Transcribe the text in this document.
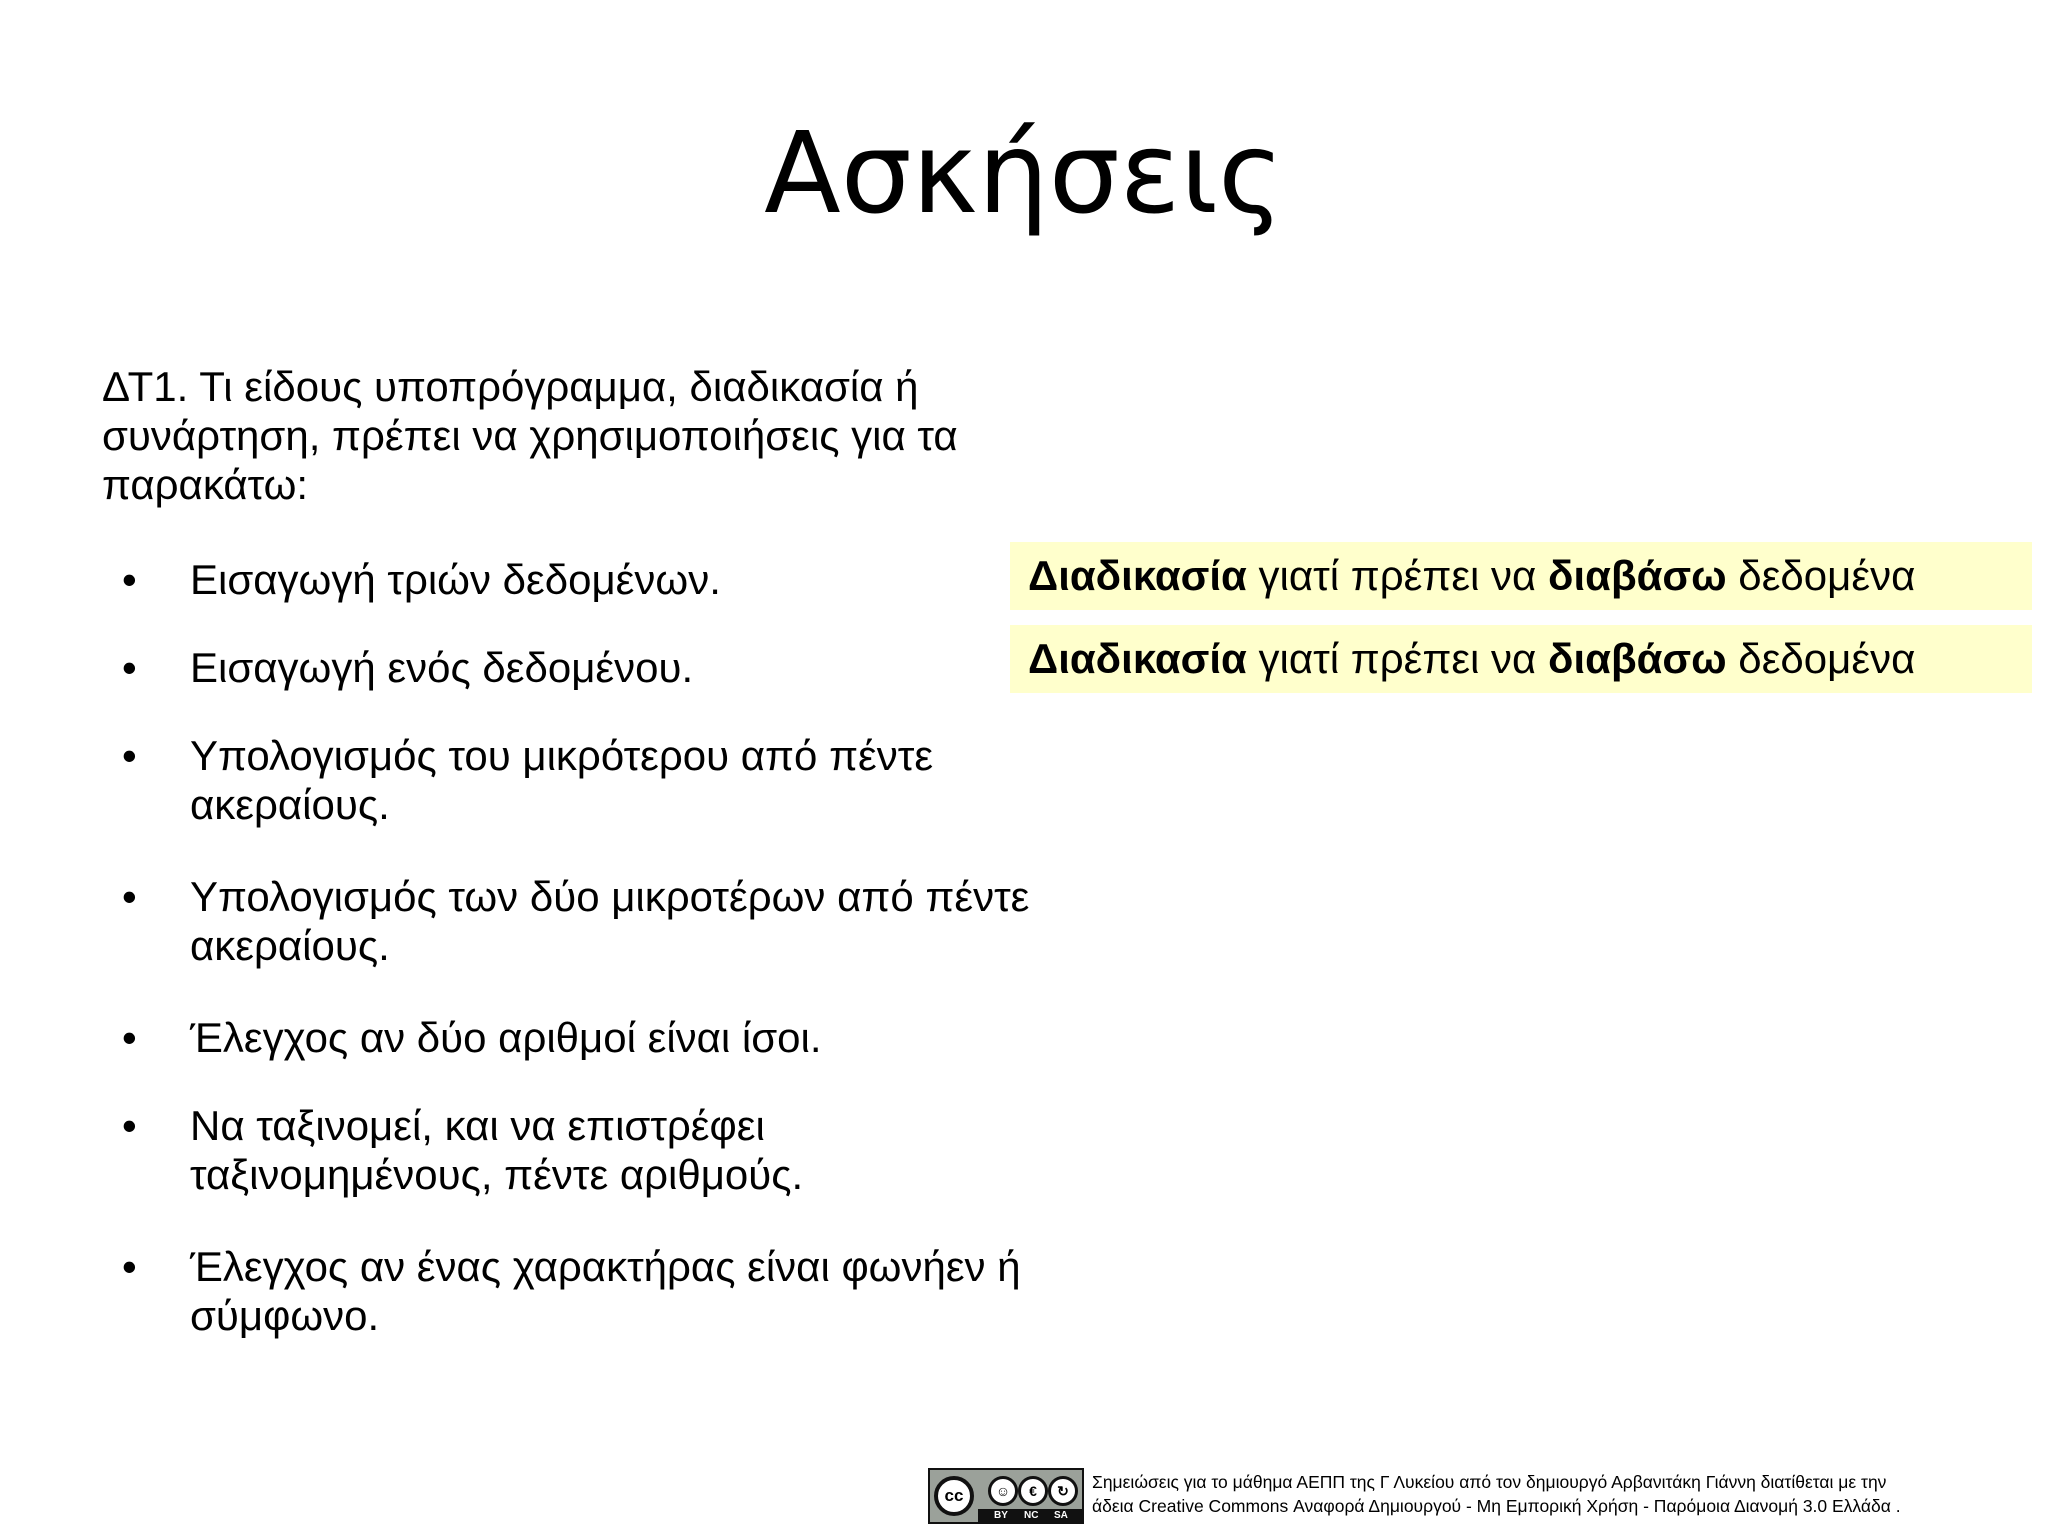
Ασκήσεις
ΔΤ1. Τι είδους υποπρόγραμμα, διαδικασία ή συνάρτηση, πρέπει να χρησιμοποιήσεις για τα παρακάτω:
• Εισαγωγή τριών δεδομένων.
• Εισαγωγή ενός δεδομένου.
• Υπολογισμός του μικρότερου από πέντε ακεραίους.
• Υπολογισμός των δύο μικροτέρων από πέντε ακεραίους.
• Έλεγχος αν δύο αριθμοί είναι ίσοι.
• Να ταξινομεί, και να επιστρέφει ταξινομημένους, πέντε αριθμούς.
• Έλεγχος αν ένας χαρακτήρας είναι φωνήεν ή σύμφωνο.
Διαδικασία γιατί πρέπει να διαβάσω δεδομένα
Διαδικασία γιατί πρέπει να διαβάσω δεδομένα
cc	☺	€	↻
BY NC SA
Σημειώσεις για το μάθημα ΑΕΠΠ της Γ Λυκείου από τον δημιουργό Αρβανιτάκη Γιάννη διατίθεται με την
άδεια Creative Commons Αναφορά Δημιουργού - Μη Εμπορική Χρήση - Παρόμοια Διανομή 3.0 Ελλάδα .
